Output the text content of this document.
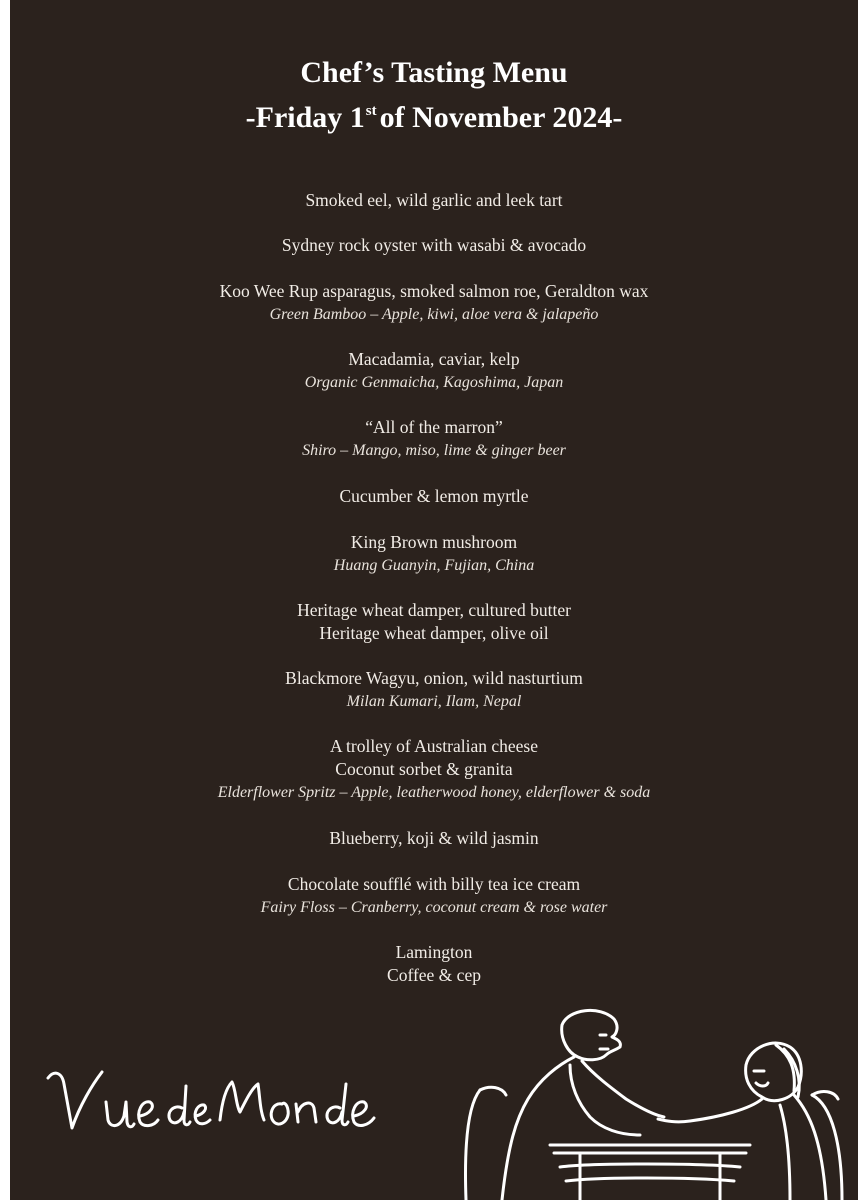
Chef’s Tasting Menu
-Friday 1st of November 2024-
Smoked eel, wild garlic and leek tart
Sydney rock oyster with wasabi & avocado
Koo Wee Rup asparagus, smoked salmon roe, Geraldton wax
Green Bamboo – Apple, kiwi, aloe vera & jalapeño
Macadamia, caviar, kelp
Organic Genmaicha, Kagoshima, Japan
“All of the marron”
Shiro – Mango, miso, lime & ginger beer
Cucumber & lemon myrtle
King Brown mushroom
Huang Guanyin, Fujian, China
Heritage wheat damper, cultured butter
Heritage wheat damper, olive oil
Blackmore Wagyu, onion, wild nasturtium
Milan Kumari, Ilam, Nepal
A trolley of Australian cheese
Coconut sorbet & granita
Elderflower Spritz – Apple, leatherwood honey, elderflower & soda
Blueberry, koji & wild jasmin
Chocolate soufflé with billy tea ice cream
Fairy Floss – Cranberry, coconut cream & rose water
Lamington
Coffee & cep
